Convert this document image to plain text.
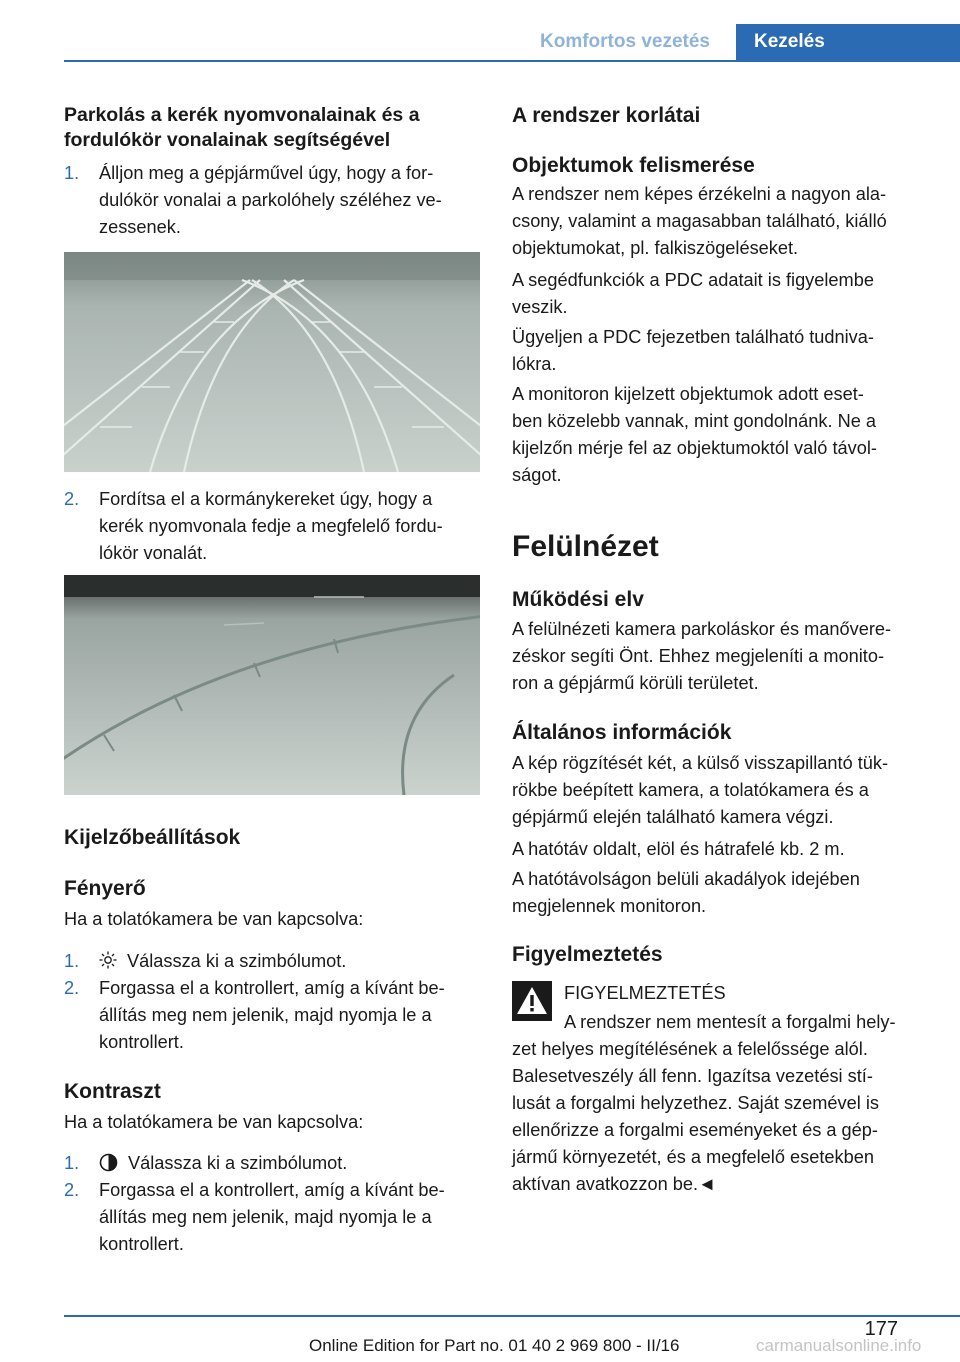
Komfortos vezetés	Kezelés
Parkolás a kerék nyomvonalainak és a
fordulókör vonalainak segítségével
1. Álljon meg a gépjárművel úgy, hogy a for-
dulókör vonalai a parkolóhely széléhez ve-
zessenek.
2. Fordítsa el a kormánykereket úgy, hogy a
kerék nyomvonala fedje a megfelelő fordu-
lókör vonalát.
Kijelzőbeállítások
Fényerő
Ha a tolatókamera be van kapcsolva:
1.	Válassza ki a szimbólumot.
2. Forgassa el a kontrollert, amíg a kívánt be-
állítás meg nem jelenik, majd nyomja le a
kontrollert.
Kontraszt
Ha a tolatókamera be van kapcsolva:
1.	Válassza ki a szimbólumot.
2. Forgassa el a kontrollert, amíg a kívánt be-
állítás meg nem jelenik, majd nyomja le a
kontrollert.
A rendszer korlátai
Objektumok felismerése
A rendszer nem képes érzékelni a nagyon ala-
csony, valamint a magasabban található, kiálló
objektumokat, pl. falkiszögeléseket.
A segédfunkciók a PDC adatait is figyelembe
veszik.
Ügyeljen a PDC fejezetben található tudniva-
lókra.
A monitoron kijelzett objektumok adott eset-
ben közelebb vannak, mint gondolnánk. Ne a
kijelzőn mérje fel az objektumoktól való távol-
ságot.
Felülnézet
Működési elv
A felülnézeti kamera parkoláskor és manővere-
zéskor segíti Önt. Ehhez megjeleníti a monito-
ron a gépjármű körüli területet.
Általános információk
A kép rögzítését két, a külső visszapillantó tük-
rökbe beépített kamera, a tolatókamera és a
gépjármű elején található kamera végzi.
A hatótáv oldalt, elöl és hátrafelé kb. 2 m.
A hatótávolságon belüli akadályok idejében
megjelennek monitoron.
Figyelmeztetés
FIGYELMEZTETÉS
A rendszer nem mentesít a forgalmi hely-
zet helyes megítélésének a felelőssége alól.
Balesetveszély áll fenn. Igazítsa vezetési stí-
lusát a forgalmi helyzethez. Saját szemével is
ellenőrizze a forgalmi eseményeket és a gép-
jármű környezetét, és a megfelelő esetekben
aktívan avatkozzon be.◄
177
Online Edition for Part no. 01 40 2 969 800 - II/16	carmanualsonline.info
